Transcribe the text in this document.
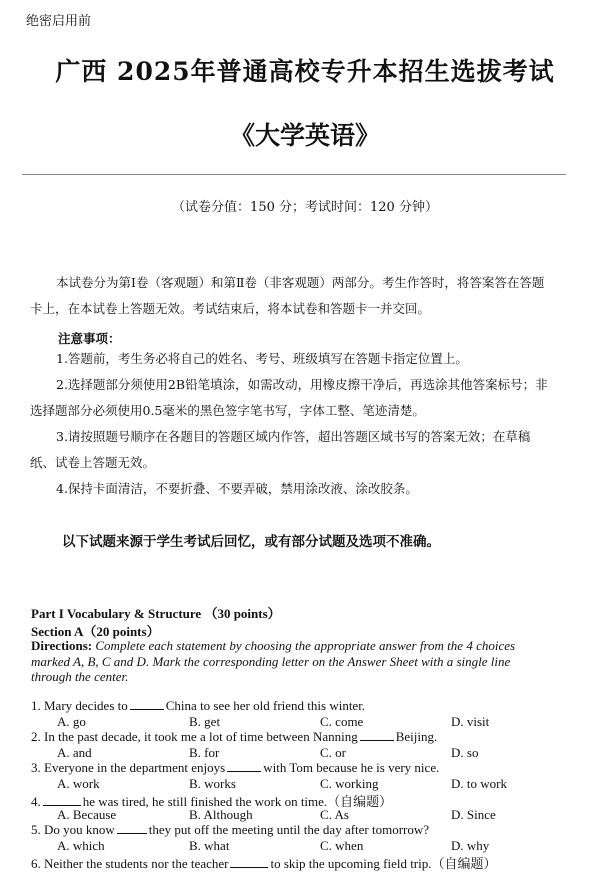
绝密启用前
广西 2025年普通高校专升本招生选拔考试
《大学英语》
（试卷分值：150 分；考试时间：120 分钟）
本试卷分为第Ⅰ卷（客观题）和第Ⅱ卷（非客观题）两部分。考生作答时，将答案答在答题卡上，在本试卷上答题无效。考试结束后，将本试卷和答题卡一并交回。
注意事项：
1.答题前，考生务必将自己的姓名、考号、班级填写在答题卡指定位置上。
2.选择题部分须使用2B铅笔填涂，如需改动，用橡皮擦干净后，再选涂其他答案标号；非选择题部分必须使用0.5毫米的黑色签字笔书写，字体工整、笔迹清楚。
3.请按照题号顺序在各题目的答题区域内作答，超出答题区域书写的答案无效；在草稿纸、试卷上答题无效。
4.保持卡面清洁，不要折叠、不要弄破，禁用涂改液、涂改胶条。
以下试题来源于学生考试后回忆，或有部分试题及选项不准确。
Part I Vocabulary & Structure （30 points）
Section A（20 points）
Directions: Complete each statement by choosing the appropriate answer from the 4 choices marked A, B, C and D. Mark the corresponding letter on the Answer Sheet with a single line through the center.
1. Mary decides to	China to see her old friend this winter.
A. go	B. get	C. come	D. visit
2. In the past decade, it took me a lot of time between Nanning	Beijing.
A. and	B. for	C. or	D. so
3. Everyone in the department enjoys	with Tom because he is very nice.
A. work	B. works	C. working	D. to work
4.	he was tired, he still finished the work on time.（自编题）
A. Because	B. Although	C. As	D. Since
5. Do you know	they put off the meeting until the day after tomorrow?
A. which	B. what	C. when	D. why
6. Neither the students nor the teacher	to skip the upcoming field trip.（自编题）
